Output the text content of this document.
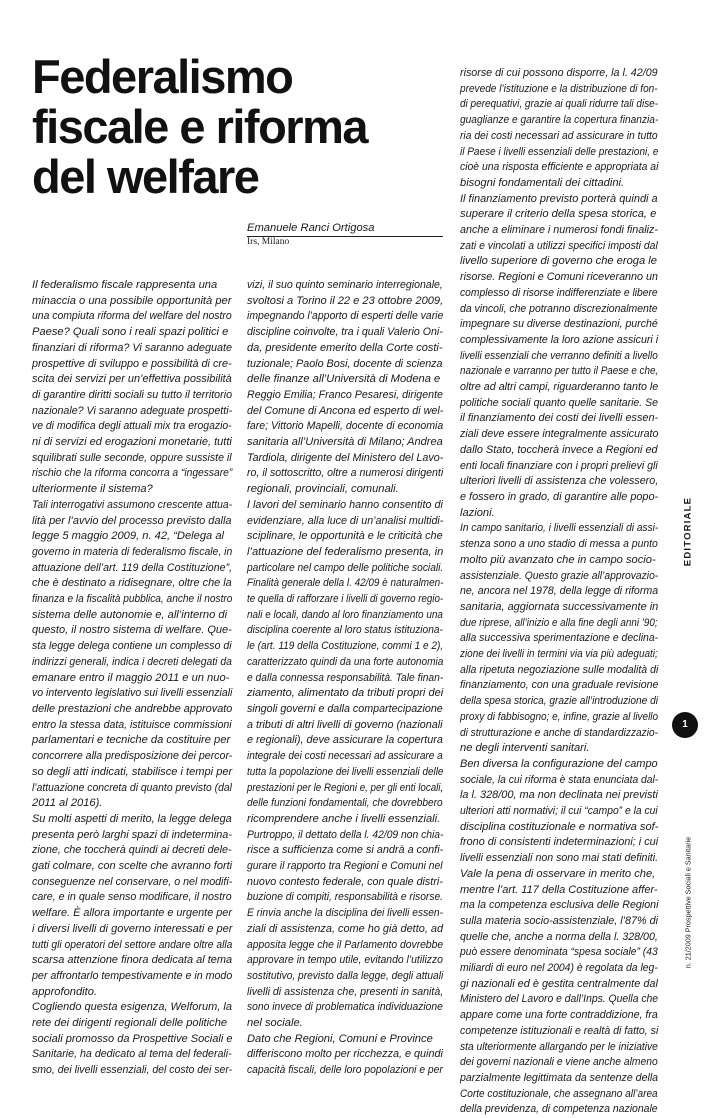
Federalismo
fiscale e riforma
del welfare
Emanuele Ranci Ortigosa
Irs, Milano
Il federalismo fiscale rappresenta una
minaccia o una possibile opportunità per
una compiuta riforma del welfare del nostro
Paese? Quali sono i reali spazi politici e
finanziari di riforma? Vi saranno adeguate
prospettive di sviluppo e possibilità di cre-
scita dei servizi per un’effettiva possibilità
di garantire diritti sociali su tutto il territorio
nazionale? Vi saranno adeguate prospetti-
ve di modifica degli attuali mix tra erogazio-
ni di servizi ed erogazioni monetarie, tutti
squilibrati sulle seconde, oppure sussiste il
rischio che la riforma concorra a “ingessare”
ulteriormente il sistema?
Tali interrogativi assumono crescente attua-
lità per l’avvio del processo previsto dalla
legge 5 maggio 2009, n. 42, “Delega al
governo in materia di federalismo fiscale, in
attuazione dell’art. 119 della Costituzione”,
che è destinato a ridisegnare, oltre che la
finanza e la fiscalità pubblica, anche il nostro
sistema delle autonomie e, all’interno di
questo, il nostro sistema di welfare. Que-
sta legge delega contiene un complesso di
indirizzi generali, indica i decreti delegati da
emanare entro il maggio 2011 e un nuo-
vo intervento legislativo sui livelli essenziali
delle prestazioni che andrebbe approvato
entro la stessa data, istituisce commissioni
parlamentari e tecniche da costituire per
concorrere alla predisposizione dei percor-
so degli atti indicati, stabilisce i tempi per
l’attuazione concreta di quanto previsto (dal
2011 al 2016).
Su molti aspetti di merito, la legge delega
presenta però larghi spazi di indetermina-
zione, che toccherà quindi ai decreti dele-
gati colmare, con scelte che avranno forti
conseguenze nel conservare, o nel modifi-
care, e in quale senso modificare, il nostro
welfare. È allora importante e urgente per
i diversi livelli di governo interessati e per
tutti gli operatori del settore andare oltre alla
scarsa attenzione finora dedicata al tema
per affrontarlo tempestivamente e in modo
approfondito.
Cogliendo questa esigenza, Welforum, la
rete dei dirigenti regionali delle politiche
sociali promosso da Prospettive Sociali e
Sanitarie, ha dedicato al tema del federali-
smo, dei livelli essenziali, del costo dei ser-
vizi, il suo quinto seminario interregionale,
svoltosi a Torino il 22 e 23 ottobre 2009,
impegnando l’apporto di esperti delle varie
discipline coinvolte, tra i quali Valerio Oni-
da, presidente emerito della Corte costi-
tuzionale; Paolo Bosi, docente di scienza
delle finanze all’Università di Modena e
Reggio Emilia; Franco Pesaresi, dirigente
del Comune di Ancona ed esperto di wel-
fare; Vittorio Mapelli, docente di economia
sanitaria all’Università di Milano; Andrea
Tardiola, dirigente del Ministero del Lavo-
ro, il sottoscritto, oltre a numerosi dirigenti
regionali, provinciali, comunali.
I lavori del seminario hanno consentito di
evidenziare, alla luce di un’analisi multidi-
sciplinare, le opportunità e le criticità che
l’attuazione del federalismo presenta, in
particolare nel campo delle politiche sociali.
Finalità generale della l. 42/09 è naturalmen-
te quella di rafforzare i livelli di governo regio-
nali e locali, dando al loro finanziamento una
disciplina coerente al loro status istituziona-
le (art. 119 della Costituzione, commi 1 e 2),
caratterizzato quindi da una forte autonomia
e dalla connessa responsabilità. Tale finan-
ziamento, alimentato da tributi propri dei
singoli governi e dalla compartecipazione
a tributi di altri livelli di governo (nazionali
e regionali), deve assicurare la copertura
integrale dei costi necessari ad assicurare a
tutta la popolazione dei livelli essenziali delle
prestazioni per le Regioni e, per gli enti locali,
delle funzioni fondamentali, che dovrebbero
ricomprendere anche i livelli essenziali.
Purtroppo, il dettato della l. 42/09 non chia-
risce a sufficienza come si andrà a confi-
gurare il rapporto tra Regioni e Comuni nel
nuovo contesto federale, con quale distri-
buzione di compiti, responsabilità e risorse.
E rinvia anche la disciplina dei livelli essen-
ziali di assistenza, come ho già detto, ad
apposita legge che il Parlamento dovrebbe
approvare in tempo utile, evitando l’utilizzo
sostitutivo, previsto dalla legge, degli attuali
livelli di assistenza che, presenti in sanità,
sono invece di problematica individuazione
nel sociale.
Dato che Regioni, Comuni e Province
differiscono molto per ricchezza, e quindi
capacità fiscali, delle loro popolazioni e per
risorse di cui possono disporre, la l. 42/09
prevede l’istituzione e la distribuzione di fon-
di perequativi, grazie ai quali ridurre tali dise-
guaglianze e garantire la copertura finanzia-
ria dei costi necessari ad assicurare in tutto
il Paese i livelli essenziali delle prestazioni, e
cioè una risposta efficiente e appropriata ai
bisogni fondamentali dei cittadini.
Il finanziamento previsto porterà quindi a
superare il criterio della spesa storica, e
anche a eliminare i numerosi fondi finaliz-
zati e vincolati a utilizzi specifici imposti dal
livello superiore di governo che eroga le
risorse. Regioni e Comuni riceveranno un
complesso di risorse indifferenziate e libere
da vincoli, che potranno discrezionalmente
impegnare su diverse destinazioni, purché
complessivamente la loro azione assicuri i
livelli essenziali che verranno definiti a livello
nazionale e varranno per tutto il Paese e che,
oltre ad altri campi, riguarderanno tanto le
politiche sociali quanto quelle sanitarie. Se
il finanziamento dei costi dei livelli essen-
ziali deve essere integralmente assicurato
dallo Stato, toccherà invece a Regioni ed
enti locali finanziare con i propri prelievi gli
ulteriori livelli di assistenza che volessero,
e fossero in grado, di garantire alle popo-
lazioni.
In campo sanitario, i livelli essenziali di assi-
stenza sono a uno stadio di messa a punto
molto più avanzato che in campo socio-
assistenziale. Questo grazie all’approvazio-
ne, ancora nel 1978, della legge di riforma
sanitaria, aggiornata successivamente in
due riprese, all’inizio e alla fine degli anni ’90;
alla successiva sperimentazione e declina-
zione dei livelli in termini via via più adeguati;
alla ripetuta negoziazione sulle modalità di
finanziamento, con una graduale revisione
della spesa storica, grazie all’introduzione di
proxy di fabbisogno; e, infine, grazie al livello
di strutturazione e anche di standardizzazio-
ne degli interventi sanitari.
Ben diversa la configurazione del campo
sociale, la cui riforma è stata enunciata dal-
la l. 328/00, ma non declinata nei previsti
ulteriori atti normativi; il cui “campo” e la cui
disciplina costituzionale e normativa sof-
frono di consistenti indeterminazioni; i cui
livelli essenziali non sono mai stati definiti.
Vale la pena di osservare in merito che,
mentre l’art. 117 della Costituzione affer-
ma la competenza esclusiva delle Regioni
sulla materia socio-assistenziale, l’87% di
quelle che, anche a norma della l. 328/00,
può essere denominata “spesa sociale” (43
miliardi di euro nel 2004) è regolata da leg-
gi nazionali ed è gestita centralmente dal
Ministero del Lavoro e dall’Inps. Quella che
appare come una forte contraddizione, fra
competenze istituzionali e realtà di fatto, si
sta ulteriormente allargando per le iniziative
dei governi nazionali e viene anche almeno
parzialmente legittimata da sentenze della
Corte costituzionale, che assegnano all’area
della previdenza, di competenza nazionale
EDITORIALE
1
n. 21/2009 Prospettive Sociali e Sanitarie
